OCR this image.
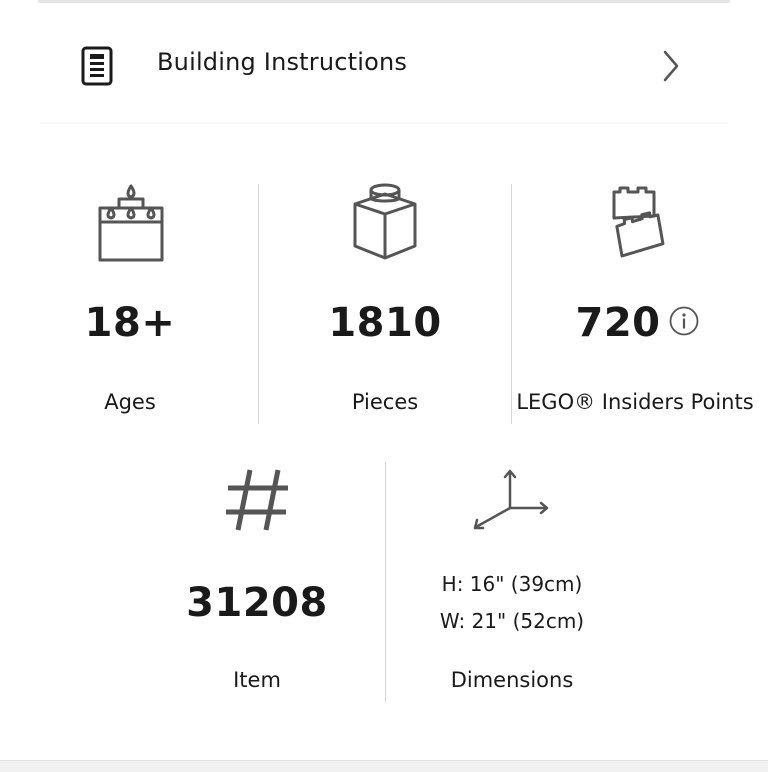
Building Instructions
18+
Ages
1810
Pieces
720
LEGO® Insiders Points
31208
Item
H: 16" (39cm)
W: 21" (52cm)
Dimensions
